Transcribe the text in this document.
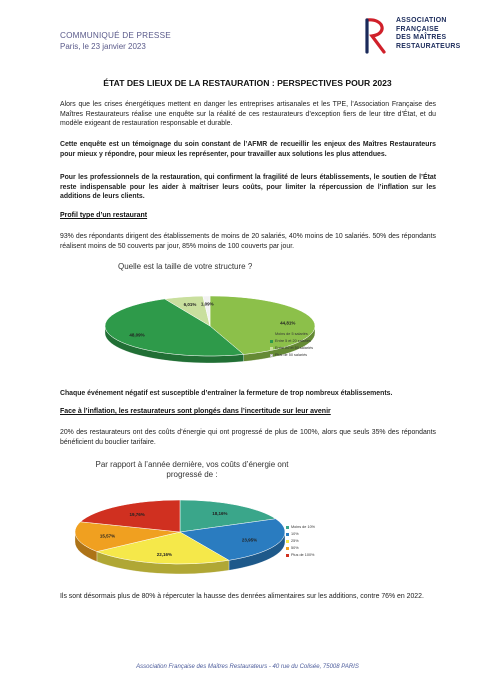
COMMUNIQUÉ DE PRESSE
Paris, le 23 janvier 2023
ASSOCIATION
FRANÇAISE
DES MAÎTRES
RESTAURATEURS
ÉTAT DES LIEUX DE LA RESTAURATION : PERSPECTIVES POUR 2023
Alors que les crises énergétiques mettent en danger les entreprises artisanales et les TPE, l’Association Française des Maîtres Restaurateurs réalise une enquête sur la réalité de ces restaurateurs d’exception fiers de leur titre d’État, et du modèle exigeant de restauration responsable et durable.
Cette enquête est un témoignage du soin constant de l’AFMR de recueillir les enjeux des Maîtres Restaurateurs pour mieux y répondre, pour mieux les représenter, pour travailler aux solutions les plus attendues.
Pour les professionnels de la restauration, qui confirment la fragilité de leurs établissements, le soutien de l’État reste indispensable pour les aider à maîtriser leurs coûts, pour limiter la répercussion de l’inflation sur les additions de leurs clients.
Profil type d’un restaurant
93% des répondants dirigent des établissements de moins de 20 salariés, 40% moins de 10 salariés. 50% des répondants réalisent moins de 50 couverts par jour, 85% moins de 100 couverts par jour.
Quelle est la taille de votre structure ?
44,81%
48,09%
6,01% 1,09%
Moins de 5 salariés
Entre 5 et 20 salariés
Entre 20 et 50 salariés
Plus de 50 salariés
Chaque événement négatif est susceptible d’entraîner la fermeture de trop nombreux établissements.
Face à l’inflation, les restaurateurs sont plongés dans l’incertitude sur leur avenir
20% des restaurateurs ont des coûts d’énergie qui ont progressé de plus de 100%, alors que seuls 35% des répondants bénéficient du bouclier tarifaire.
Par rapport à l’année dernière, vos coûts d’énergie ont progressé de :
18,16%
23,95%
22,16%
15,57%
19,76%
Moins de 10%
10%
25%
50%
Plus de 100%
Ils sont désormais plus de 80% à répercuter la hausse des denrées alimentaires sur les additions, contre 76% en 2022.
Association Française des Maîtres Restaurateurs - 40 rue du Colisée, 75008 PARIS
